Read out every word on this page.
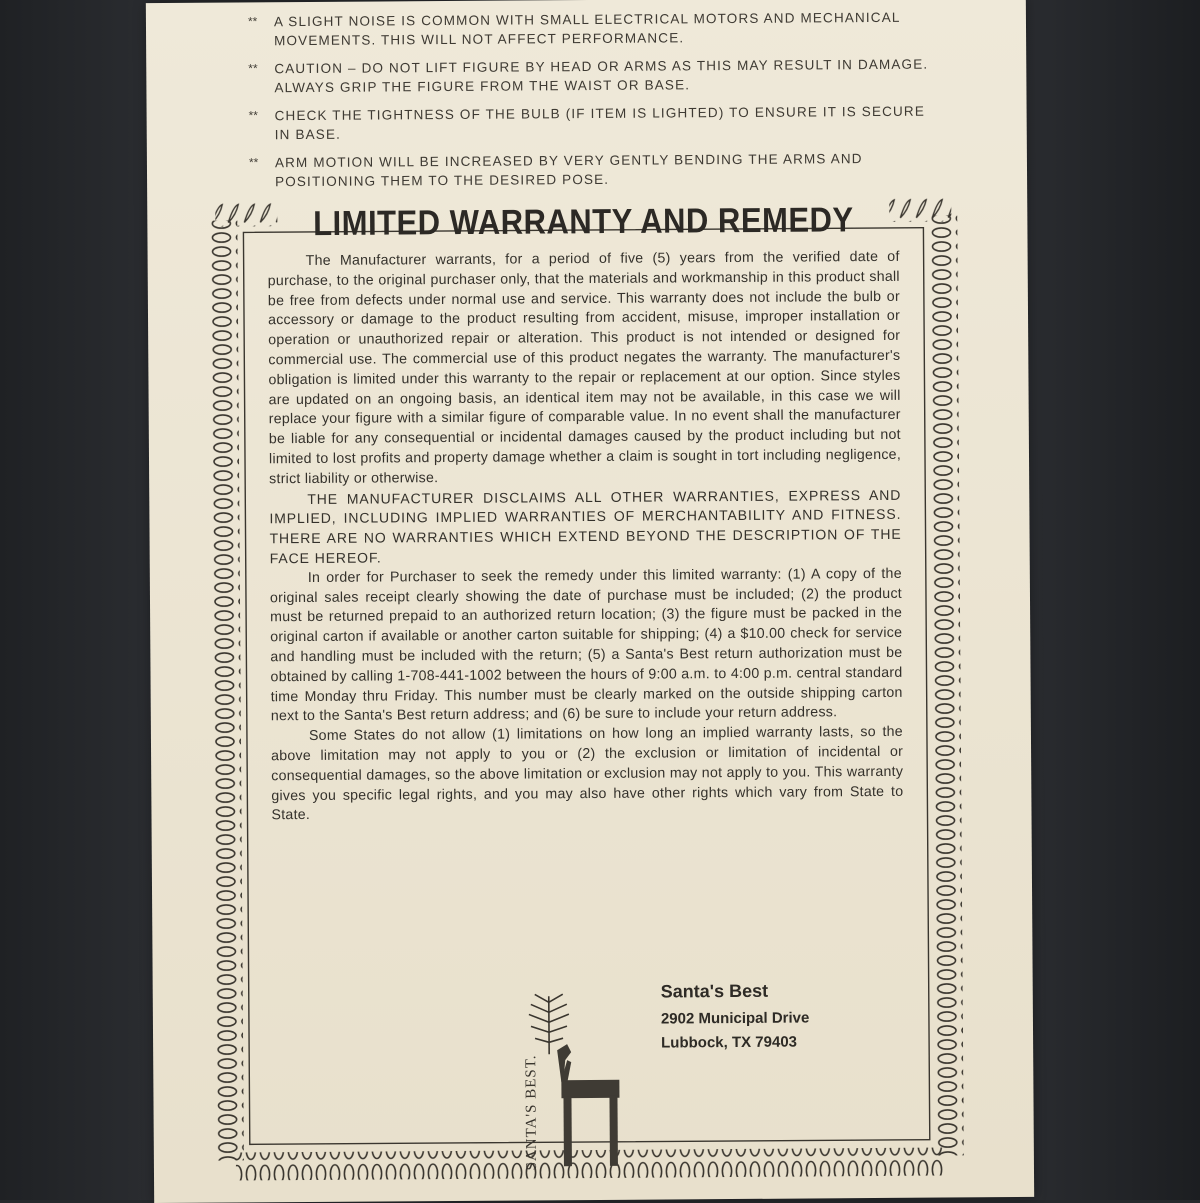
** A SLIGHT NOISE IS COMMON WITH SMALL ELECTRICAL MOTORS AND MECHANICAL MOVEMENTS. THIS WILL NOT AFFECT PERFORMANCE.
** CAUTION – DO NOT LIFT FIGURE BY HEAD OR ARMS AS THIS MAY RESULT IN DAMAGE. ALWAYS GRIP THE FIGURE FROM THE WAIST OR BASE.
** CHECK THE TIGHTNESS OF THE BULB (IF ITEM IS LIGHTED) TO ENSURE IT IS SECURE IN BASE.
** ARM MOTION WILL BE INCREASED BY VERY GENTLY BENDING THE ARMS AND POSITIONING THEM TO THE DESIRED POSE.
LIMITED WARRANTY AND REMEDY

The Manufacturer warrants, for a period of five (5) years from the verified date of purchase, to the original purchaser only, that the materials and workmanship in this product shall be free from defects under normal use and service. This warranty does not include the bulb or accessory or damage to the product resulting from accident, misuse, improper installation or operation or unauthorized repair or alteration. This product is not intended or designed for commercial use. The commercial use of this product negates the warranty. The manufacturer's obligation is limited under this warranty to the repair or replacement at our option. Since styles are updated on an ongoing basis, an identical item may not be available, in this case we will replace your figure with a similar figure of comparable value. In no event shall the manufacturer be liable for any consequential or incidental damages caused by the product including but not limited to lost profits and property damage whether a claim is sought in tort including negligence, strict liability or otherwise.

THE MANUFACTURER DISCLAIMS ALL OTHER WARRANTIES, EXPRESS AND IMPLIED, INCLUDING IMPLIED WARRANTIES OF MERCHANTABILITY AND FITNESS. THERE ARE NO WARRANTIES WHICH EXTEND BEYOND THE DESCRIPTION OF THE FACE HEREOF.

In order for Purchaser to seek the remedy under this limited warranty: (1) A copy of the original sales receipt clearly showing the date of purchase must be included; (2) the product must be returned prepaid to an authorized return location; (3) the figure must be packed in the original carton if available or another carton suitable for shipping; (4) a $10.00 check for service and handling must be included with the return; (5) a Santa's Best return authorization must be obtained by calling 1-708-441-1002 between the hours of 9:00 a.m. to 4:00 p.m. central standard time Monday thru Friday. This number must be clearly marked on the outside shipping carton next to the Santa's Best return address; and (6) be sure to include your return address.

Some States do not allow (1) limitations on how long an implied warranty lasts, so the above limitation may not apply to you or (2) the exclusion or limitation of incidental or consequential damages, so the above limitation or exclusion may not apply to you. This warranty gives you specific legal rights, and you may also have other rights which vary from State to State.

SANTA'S BEST.
Santa's Best
2902 Municipal Drive
Lubbock, TX 79403
